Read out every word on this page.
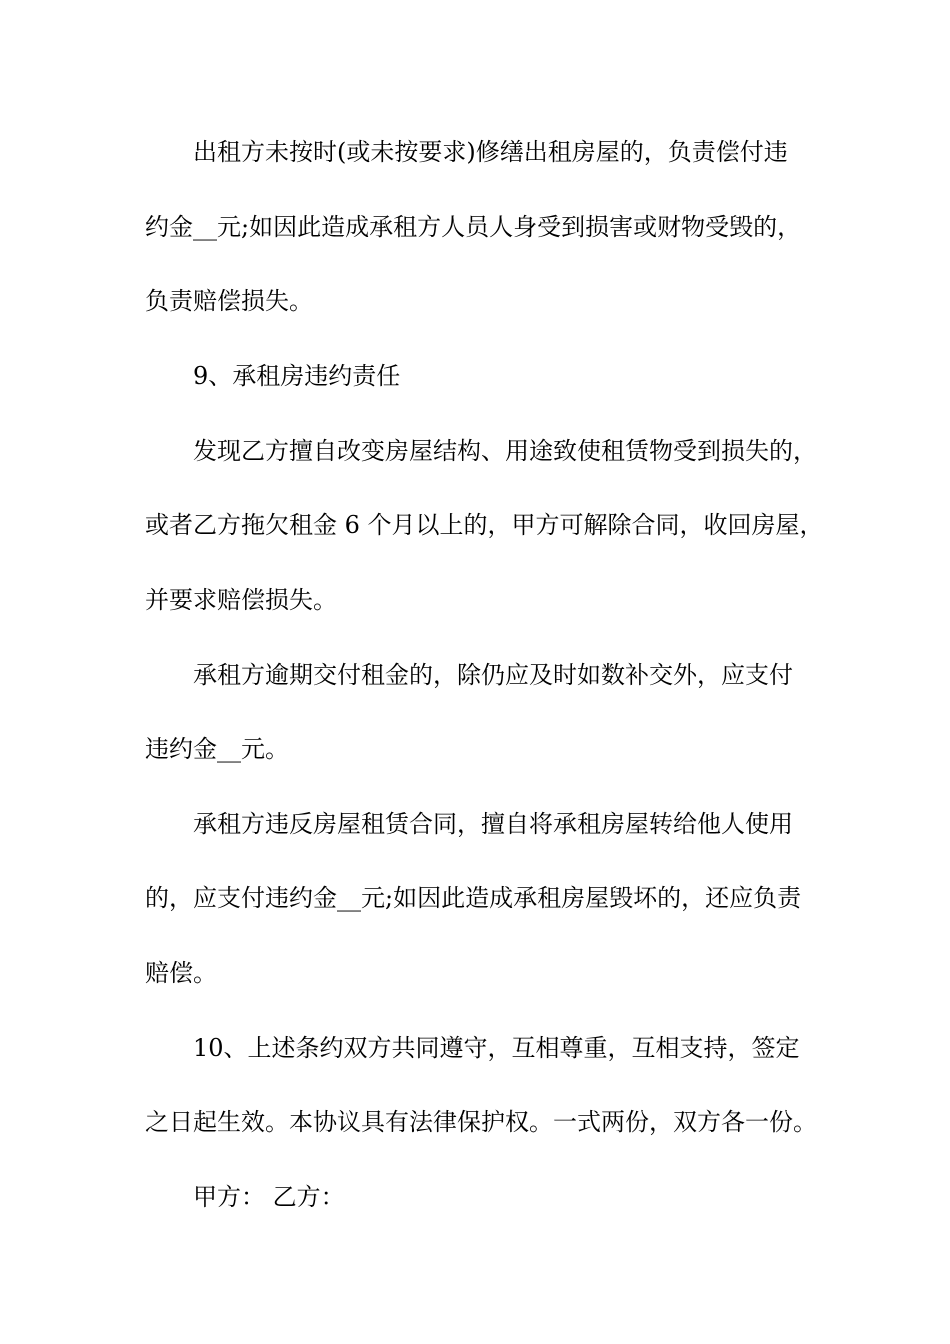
出租方未按时(或未按要求)修缮出租房屋的，负责偿付违
约金__元;如因此造成承租方人员人身受到损害或财物受毁的，
负责赔偿损失。
9、承租房违约责任
发现乙方擅自改变房屋结构、用途致使租赁物受到损失的，
或者乙方拖欠租金 6 个月以上的，甲方可解除合同，收回房屋，
并要求赔偿损失。
承租方逾期交付租金的，除仍应及时如数补交外，应支付
违约金__元。
承租方违反房屋租赁合同，擅自将承租房屋转给他人使用
的，应支付违约金__元;如因此造成承租房屋毁坏的，还应负责
赔偿。
10、上述条约双方共同遵守，互相尊重，互相支持，签定
之日起生效。本协议具有法律保护权。一式两份，双方各一份。
甲方： 乙方：
